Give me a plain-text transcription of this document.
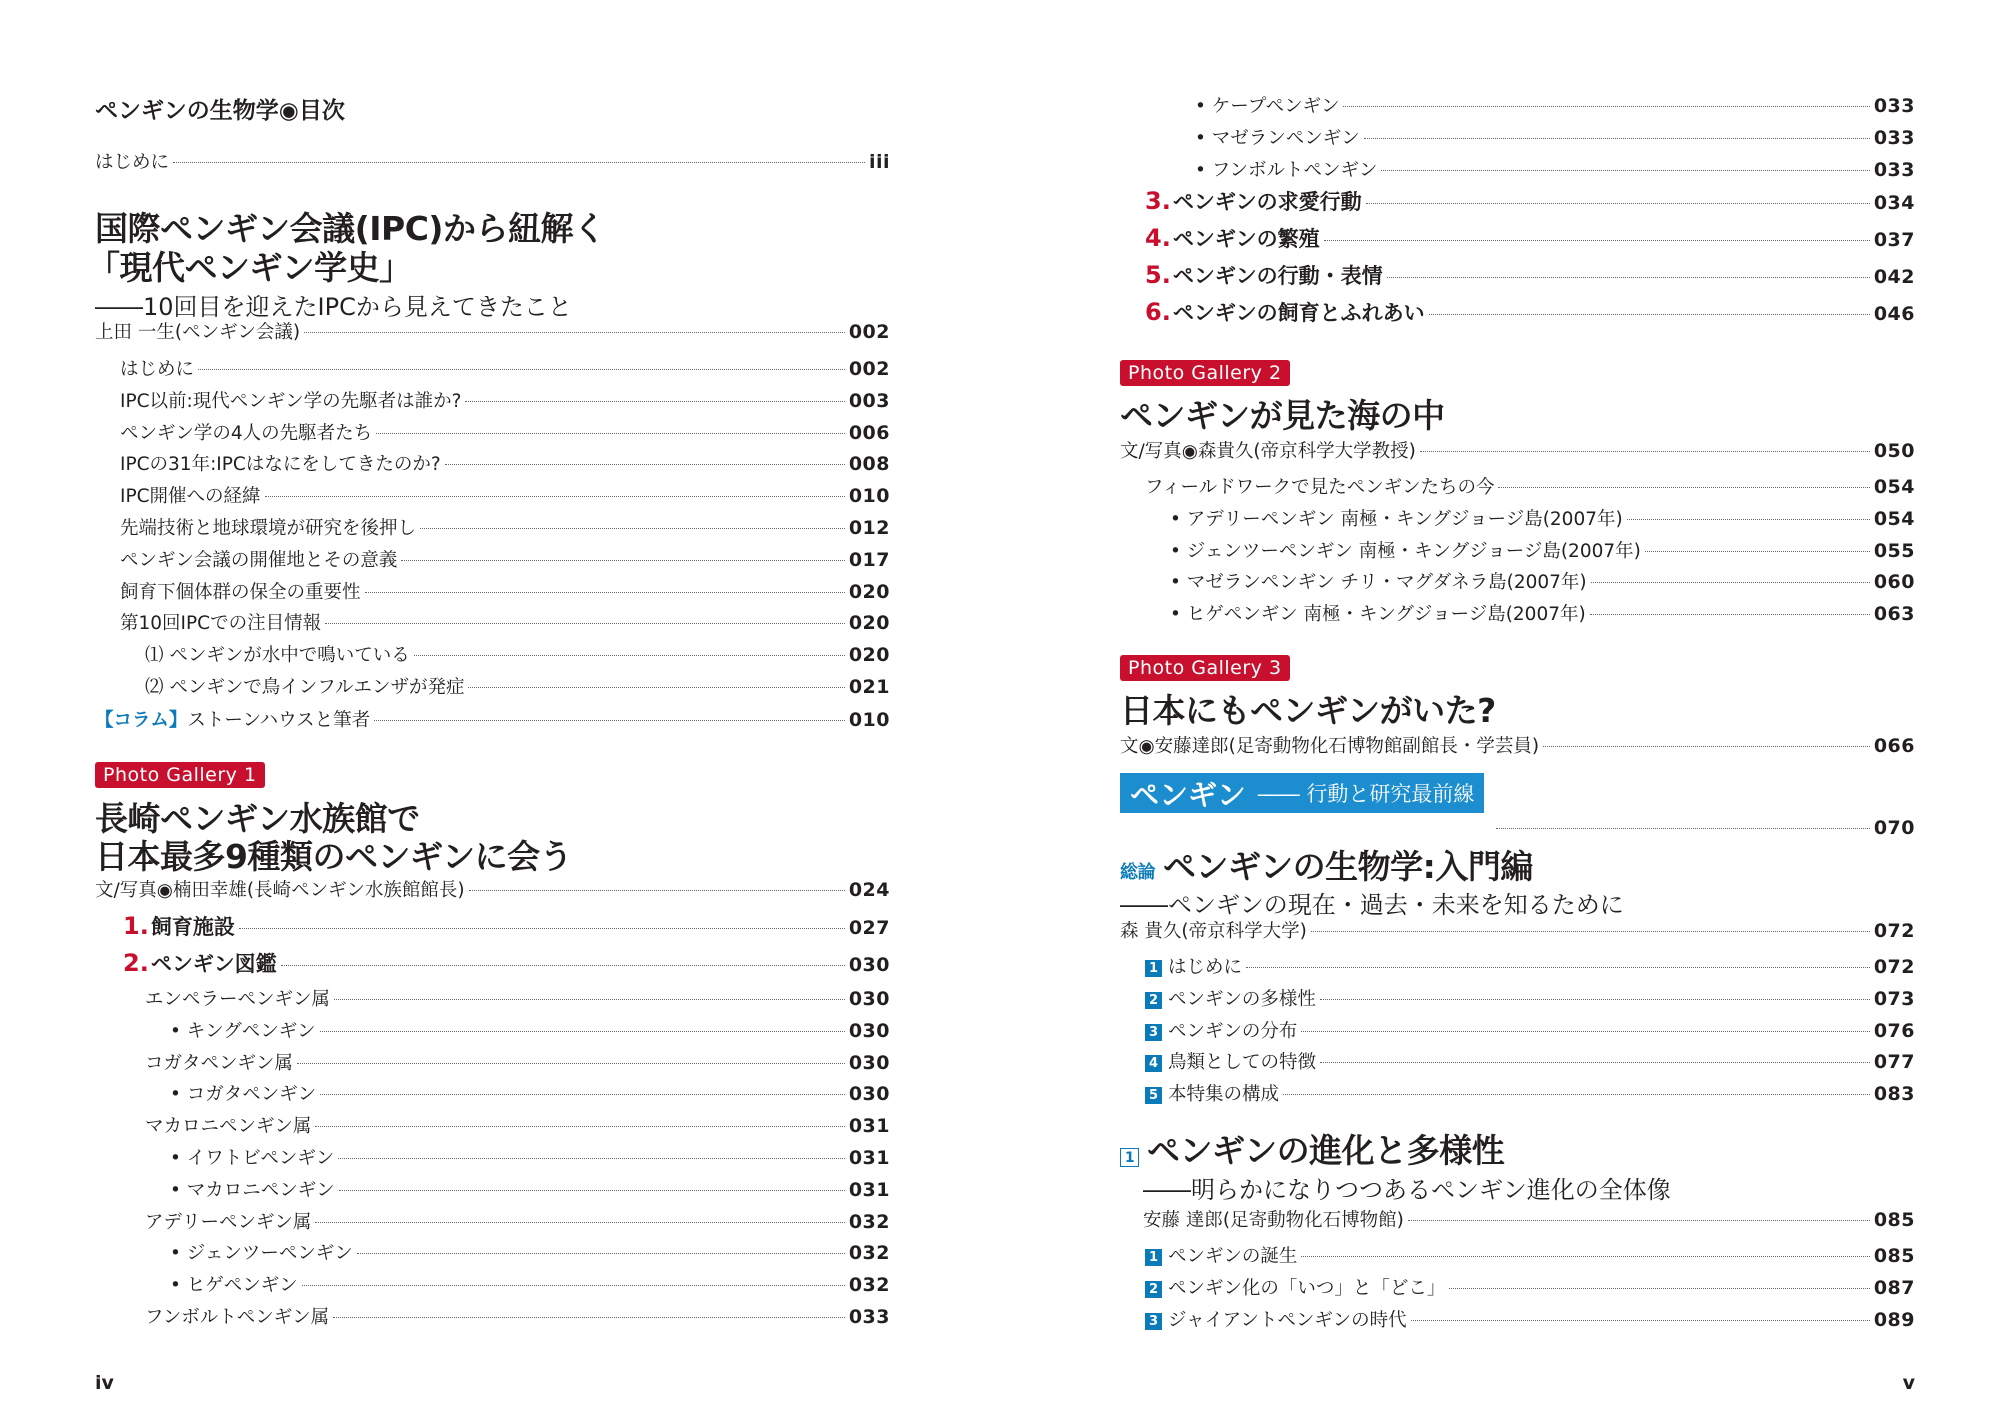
ペンギンの生物学◉目次
はじめに	iii
国際ペンギン会議(IPC)から紐解く
「現代ペンギン学史」
――10回目を迎えたIPCから見えてきたこと
上田 一生(ペンギン会議)	002
はじめに	002
IPC以前:現代ペンギン学の先駆者は誰か?	003
ペンギン学の4人の先駆者たち	006
IPCの31年:IPCはなにをしてきたのか?	008
IPC開催への経緯	010
先端技術と地球環境が研究を後押し	012
ペンギン会議の開催地とその意義	017
飼育下個体群の保全の重要性	020
第10回IPCでの注目情報	020
⑴ ペンギンが水中で鳴いている	020
⑵ ペンギンで鳥インフルエンザが発症	021
【コラム】ストーンハウスと筆者	010
Photo Gallery 1
長崎ペンギン水族館で
日本最多9種類のペンギンに会う
文/写真◉楠田幸雄(長崎ペンギン水族館館長)	024
1.飼育施設	027
2.ペンギン図鑑	030
エンペラーペンギン属	030
• キングペンギン	030
コガタペンギン属	030
• コガタペンギン	030
マカロニペンギン属	031
• イワトビペンギン	031
• マカロニペンギン	031
アデリーペンギン属	032
• ジェンツーペンギン	032
• ヒゲペンギン	032
フンボルトペンギン属	033
iv
• ケープペンギン	033
• マゼランペンギン	033
• フンボルトペンギン	033
3.ペンギンの求愛行動	034
4.ペンギンの繁殖	037
5.ペンギンの行動・表情	042
6.ペンギンの飼育とふれあい	046
Photo Gallery 2
ペンギンが見た海の中
文/写真◉森貴久(帝京科学大学教授)	050
フィールドワークで見たペンギンたちの今	054
• アデリーペンギン 南極・キングジョージ島(2007年)	054
• ジェンツーペンギン 南極・キングジョージ島(2007年)	055
• マゼランペンギン チリ・マグダネラ島(2007年)	060
• ヒゲペンギン 南極・キングジョージ島(2007年)	063
Photo Gallery 3
日本にもペンギンがいた?
文◉安藤達郎(足寄動物化石博物館副館長・学芸員)	066
ペンギン ―― 行動と研究最前線
070
総論 ペンギンの生物学:入門編
――ペンギンの現在・過去・未来を知るために
森 貴久(帝京科学大学)	072
1 はじめに	072
2 ペンギンの多様性	073
3 ペンギンの分布	076
4 鳥類としての特徴	077
5 本特集の構成	083
1 ペンギンの進化と多様性
――明らかになりつつあるペンギン進化の全体像
安藤 達郎(足寄動物化石博物館)	085
1 ペンギンの誕生	085
2 ペンギン化の「いつ」と「どこ」	087
3 ジャイアントペンギンの時代	089
v
